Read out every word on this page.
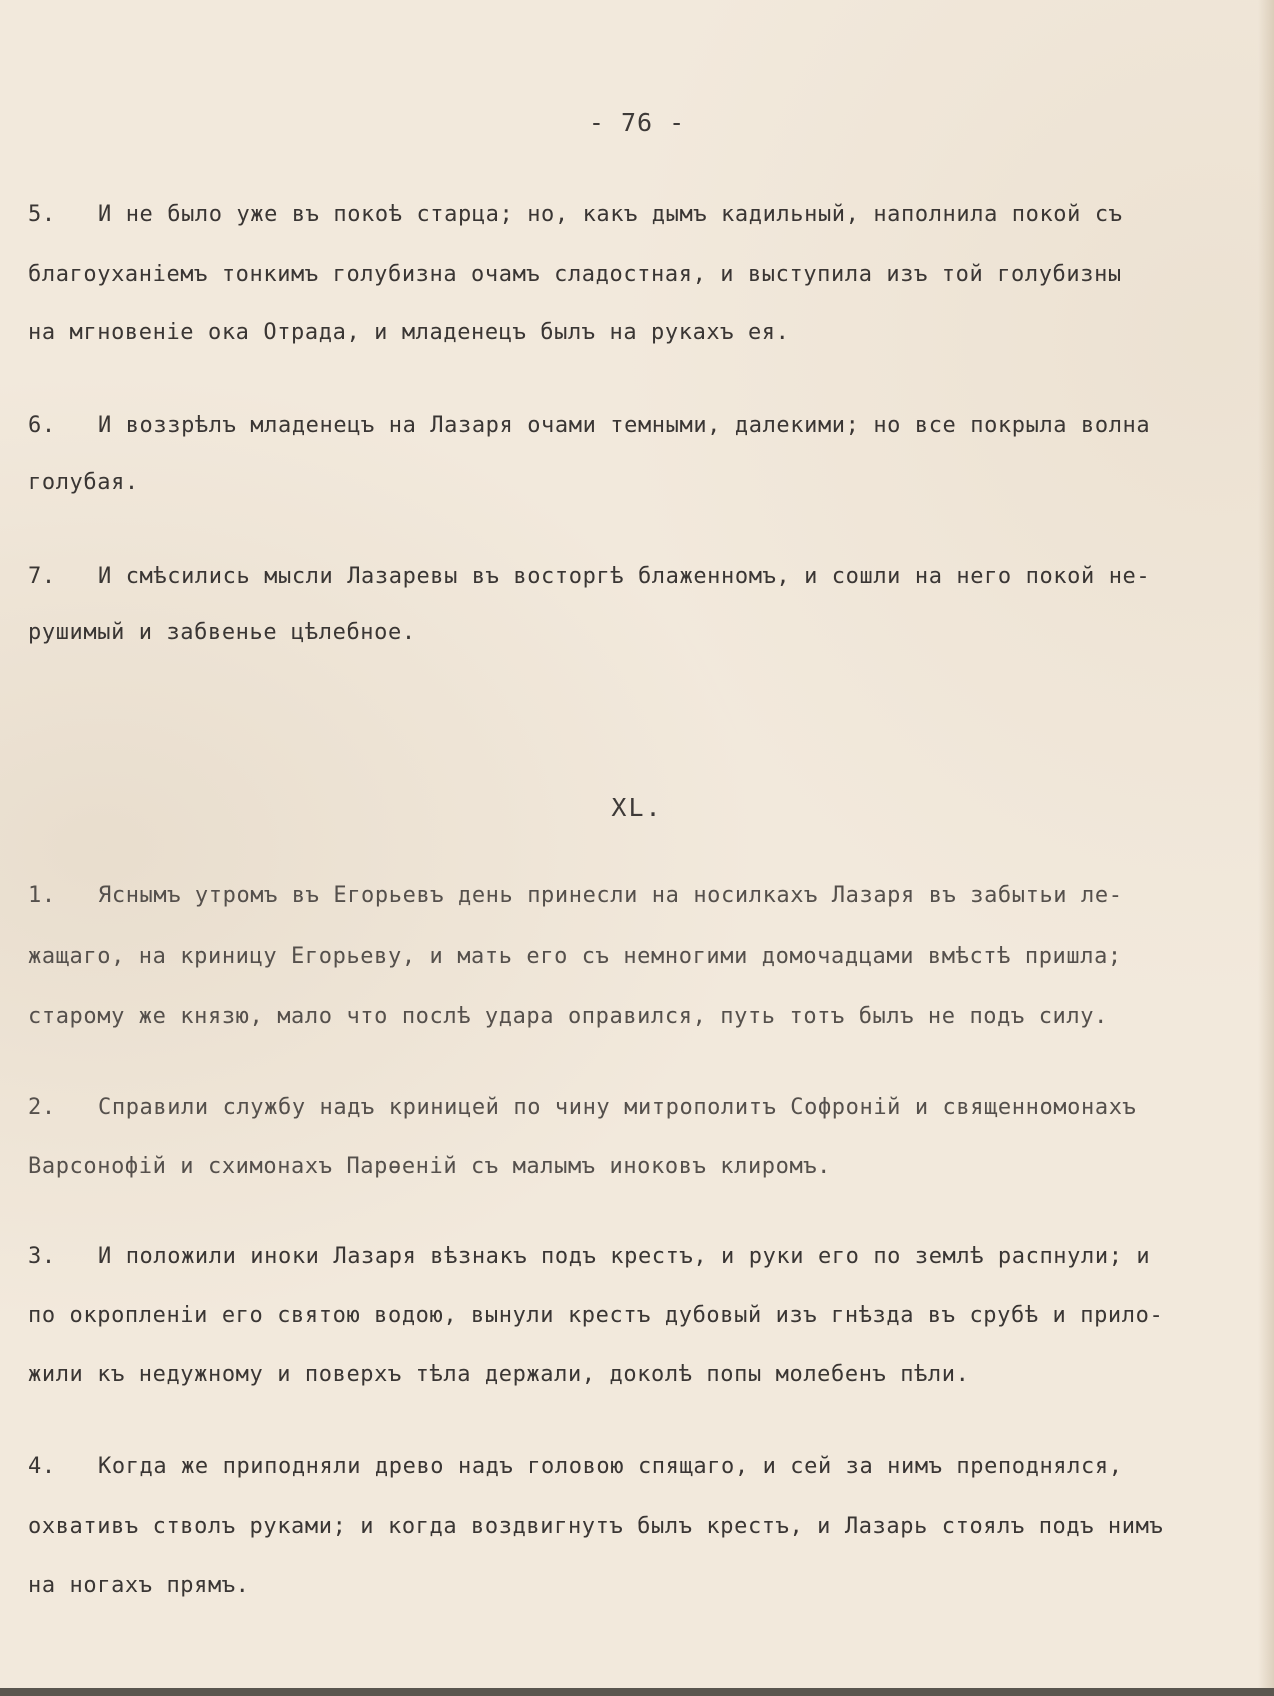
- 76 -
5. И не было уже въ покоѣ старца; но, какъ дымъ кадильный, наполнила покой съ
благоуханіемъ тонкимъ голубизна очамъ сладостная, и выступила изъ той голубизны
на мгновеніе ока Отрада, и младенецъ былъ на рукахъ ея.
6. И воззрѣлъ младенецъ на Лазаря очами темными, далекими; но все покрыла волна
голубая.
7. И смѣсились мысли Лазаревы въ восторгѣ блаженномъ, и сошли на него покой не-
рушимый и забвенье цѣлебное.
XL.
1. Яснымъ утромъ въ Егорьевъ день принесли на носилкахъ Лазаря въ забытьи ле-
жащаго, на криницу Егорьеву, и мать его съ немногими домочадцами вмѣстѣ пришла;
старому же князю, мало что послѣ удара оправился, путь тотъ былъ не подъ силу.
2. Справили службу надъ криницей по чину митрополитъ Софроній и священномонахъ
Варсонофій и схимонахъ Парѳеній съ малымъ иноковъ клиромъ.
3. И положили иноки Лазаря вѣзнакъ подъ крестъ, и руки его по землѣ распнули; и
по окропленіи его святою водою, вынули крестъ дубовый изъ гнѣзда въ срубѣ и прило-
жили къ недужному и поверхъ тѣла держали, доколѣ попы молебенъ пѣли.
4. Когда же приподняли древо надъ головою спящаго, и сей за нимъ преподнялся,
охвативъ стволъ руками; и когда воздвигнутъ былъ крестъ, и Лазарь стоялъ подъ нимъ
на ногахъ прямъ.
